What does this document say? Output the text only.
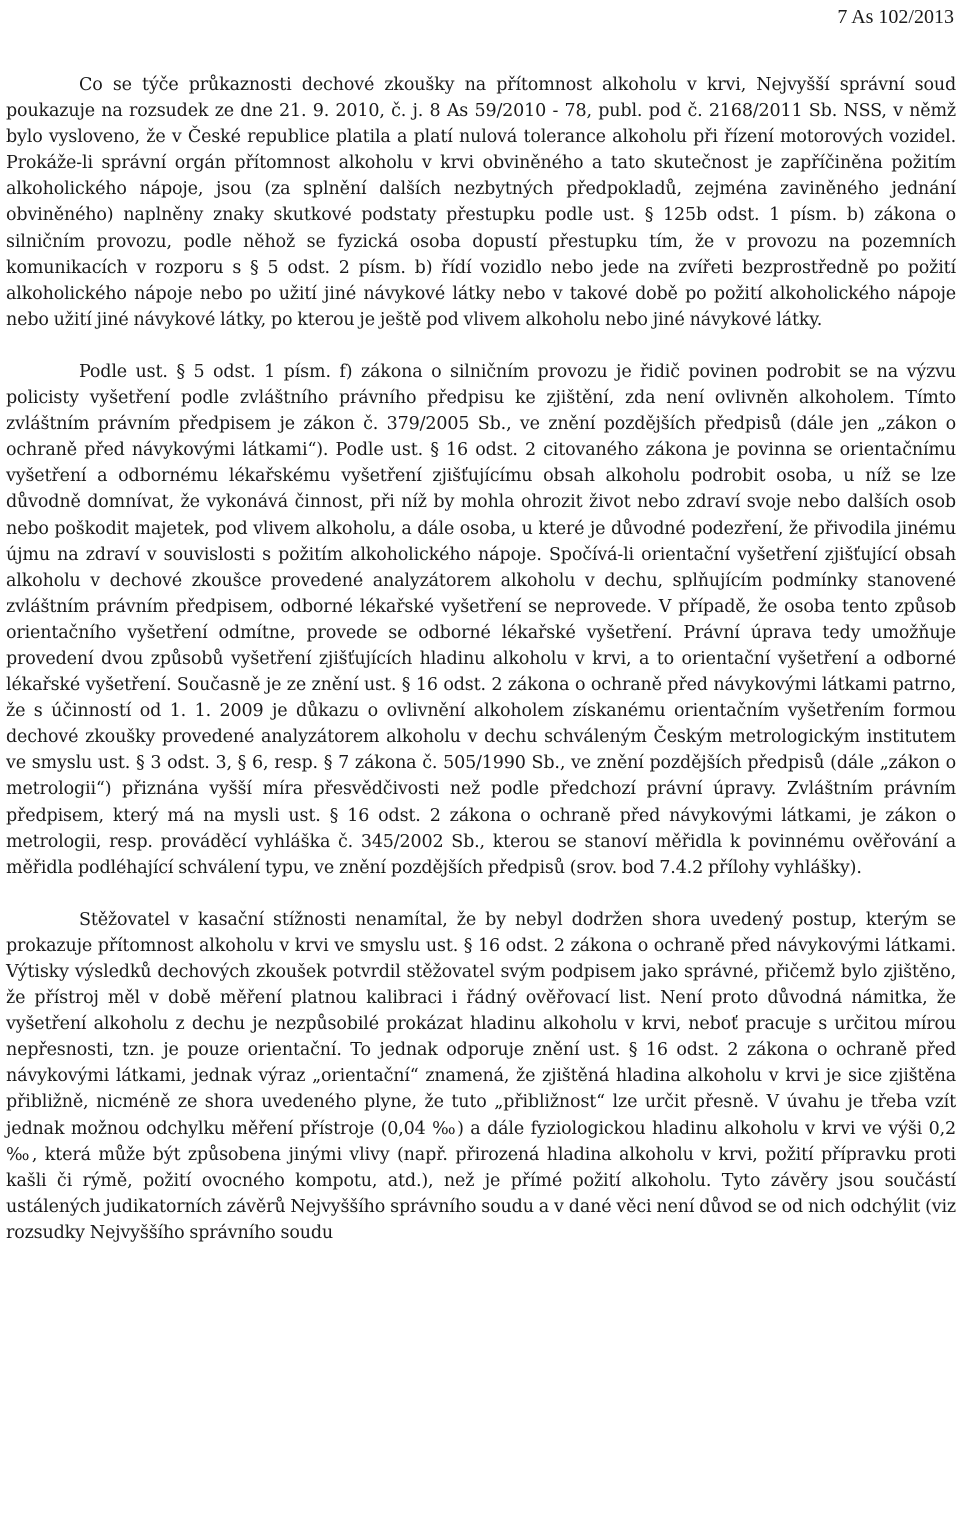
7 As 102/2013

Co se týče průkaznosti dechové zkoušky na přítomnost alkoholu v krvi, Nejvyšší správní soud poukazuje na rozsudek ze dne 21. 9. 2010, č. j. 8 As 59/2010 - 78, publ. pod č. 2168/2011 Sb. NSS, v němž bylo vysloveno, že v České republice platila a platí nulová tolerance alkoholu při řízení motorových vozidel. Prokáže-li správní orgán přítomnost alkoholu v krvi obviněného a tato skutečnost je zapříčiněna požitím alkoholického nápoje, jsou (za splnění dalších nezbytných předpokladů, zejména zaviněného jednání obviněného) naplněny znaky skutkové podstaty přestupku podle ust. § 125b odst. 1 písm. b) zákona o silničním provozu, podle něhož se fyzická osoba dopustí přestupku tím, že v provozu na pozemních komunikacích v rozporu s § 5 odst. 2 písm. b) řídí vozidlo nebo jede na zvířeti bezprostředně po požití alkoholického nápoje nebo po užití jiné návykové látky nebo v takové době po požití alkoholického nápoje nebo užití jiné návykové látky, po kterou je ještě pod vlivem alkoholu nebo jiné návykové látky.

Podle ust. § 5 odst. 1 písm. f) zákona o silničním provozu je řidič povinen podrobit se na výzvu policisty vyšetření podle zvláštního právního předpisu ke zjištění, zda není ovlivněn alkoholem. Tímto zvláštním právním předpisem je zákon č. 379/2005 Sb., ve znění pozdějších předpisů (dále jen „zákon o ochraně před návykovými látkami“). Podle ust. § 16 odst. 2 citovaného zákona je povinna se orientačnímu vyšetření a odbornému lékařskému vyšetření zjišťujícímu obsah alkoholu podrobit osoba, u níž se lze důvodně domnívat, že vykonává činnost, při níž by mohla ohrozit život nebo zdraví svoje nebo dalších osob nebo poškodit majetek, pod vlivem alkoholu, a dále osoba, u které je důvodné podezření, že přivodila jinému újmu na zdraví v souvislosti s požitím alkoholického nápoje. Spočívá-li orientační vyšetření zjišťující obsah alkoholu v dechové zkoušce provedené analyzátorem alkoholu v dechu, splňujícím podmínky stanovené zvláštním právním předpisem, odborné lékařské vyšetření se neprovede. V případě, že osoba tento způsob orientačního vyšetření odmítne, provede se odborné lékařské vyšetření. Právní úprava tedy umožňuje provedení dvou způsobů vyšetření zjišťujících hladinu alkoholu v krvi, a to orientační vyšetření a odborné lékařské vyšetření. Současně je ze znění ust. § 16 odst. 2 zákona o ochraně před návykovými látkami patrno, že s účinností od 1. 1. 2009 je důkazu o ovlivnění alkoholem získanému orientačním vyšetřením formou dechové zkoušky provedené analyzátorem alkoholu v dechu schváleným Českým metrologickým institutem ve smyslu ust. § 3 odst. 3, § 6, resp. § 7 zákona č. 505/1990 Sb., ve znění pozdějších předpisů (dále „zákon o metrologii“) přiznána vyšší míra přesvědčivosti než podle předchozí právní úpravy. Zvláštním právním předpisem, který má na mysli ust. § 16 odst. 2 zákona o ochraně před návykovými látkami, je zákon o metrologii, resp. prováděcí vyhláška č. 345/2002 Sb., kterou se stanoví měřidla k povinnému ověřování a měřidla podléhající schválení typu, ve znění pozdějších předpisů (srov. bod 7.4.2 přílohy vyhlášky).

Stěžovatel v kasační stížnosti nenamítal, že by nebyl dodržen shora uvedený postup, kterým se prokazuje přítomnost alkoholu v krvi ve smyslu ust. § 16 odst. 2 zákona o ochraně před návykovými látkami. Výtisky výsledků dechových zkoušek potvrdil stěžovatel svým podpisem jako správné, přičemž bylo zjištěno, že přístroj měl v době měření platnou kalibraci i řádný ověřovací list. Není proto důvodná námitka, že vyšetření alkoholu z dechu je nezpůsobilé prokázat hladinu alkoholu v krvi, neboť pracuje s určitou mírou nepřesnosti, tzn. je pouze orientační. To jednak odporuje znění ust. § 16 odst. 2 zákona o ochraně před návykovými látkami, jednak výraz „orientační“ znamená, že zjištěná hladina alkoholu v krvi je sice zjištěna přibližně, nicméně ze shora uvedeného plyne, že tuto „přibližnost“ lze určit přesně. V úvahu je třeba vzít jednak možnou odchylku měření přístroje (0,04 ‰) a dále fyziologickou hladinu alkoholu v krvi ve výši 0,2 ‰, která může být způsobena jinými vlivy (např. přirozená hladina alkoholu v krvi, požití přípravku proti kašli či rýmě, požití ovocného kompotu, atd.), než je přímé požití alkoholu. Tyto závěry jsou součástí ustálených judikatorních závěrů Nejvyššího správního soudu a v dané věci není důvod se od nich odchýlit (viz rozsudky Nejvyššího správního soudu
